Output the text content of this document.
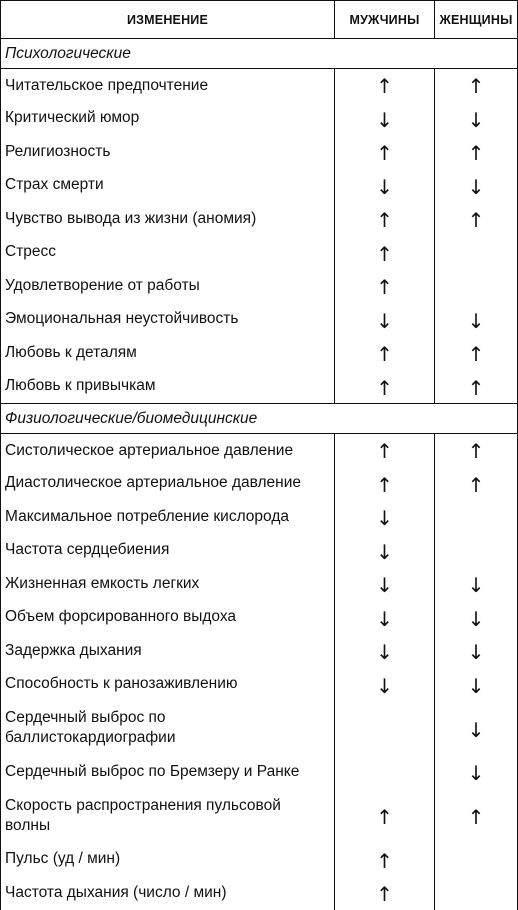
ИЗМЕНЕНИЕ	МУЖЧИНЫ	ЖЕНЩИНЫ
Психологические		
Читательское предпочтение	↑	↑
Критический юмор	↓	↓
Религиозность	↑	↑
Страх смерти	↓	↓
Чувство вывода из жизни (аномия)	↑	↑
Стресс	↑	
Удовлетворение от работы	↑	
Эмоциональная неустойчивость	↓	↓
Любовь к деталям	↑	↑
Любовь к привычкам	↑	↑
Физиологические/биомедицинские		
Систолическое артериальное давление	↑	↑
Диастолическое артериальное давление	↑	↑
Максимальное потребление кислорода	↓	
Частота сердцебиения	↓	
Жизненная емкость легких	↓	↓
Объем форсированного выдоха	↓	↓
Задержка дыхания	↓	↓
Способность к ранозаживлению	↓	↓
Сердечный выброс по баллистокардиографии		↓
Сердечный выброс по Бремзеру и Ранке		↓
Скорость распространения пульсовой волны	↑	↑
Пульс (уд / мин)	↑	
Частота дыхания (число / мин)	↑	
